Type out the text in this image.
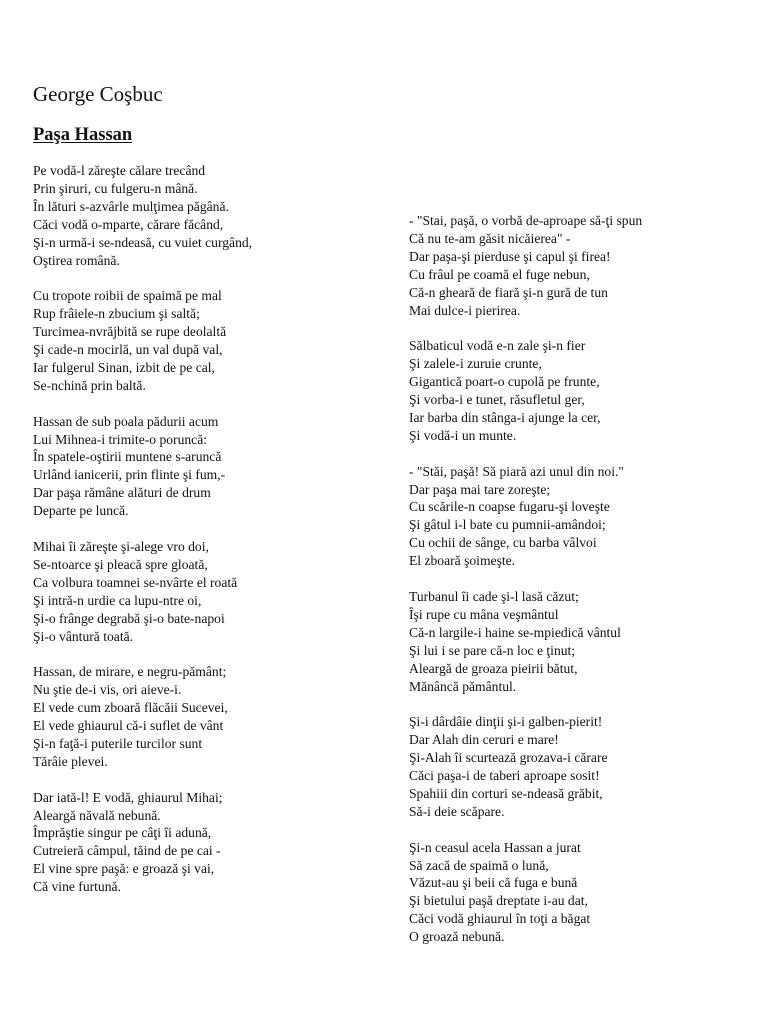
George Coşbuc
Paşa Hassan
Pe vodă-l zăreşte călare trecând
Prin şiruri, cu fulgeru-n mână.
În lături s-azvârle mulţimea păgână.
Căci vodă o-mparte, cărare făcând,
Şi-n urmă-i se-ndeasă, cu vuiet curgând,
Oştirea română.
Cu tropote roibii de spaimă pe mal
Rup frâiele-n zbucium şi saltă;
Turcimea-nvrăjbită se rupe deolaltă
Şi cade-n mocirlă, un val după val,
Iar fulgerul Sinan, izbit de pe cal,
Se-nchină prin baltă.
Hassan de sub poala pădurii acum
Lui Mihnea-i trimite-o poruncă:
În spatele-oştirii muntene s-aruncă
Urlând ianicerii, prin flinte şi fum,-
Dar paşa rămâne alături de drum
Departe pe luncă.
Mihai îi zăreşte şi-alege vro doi,
Se-ntoarce şi pleacă spre gloată,
Ca volbura toamnei se-nvârte el roată
Şi intră-n urdie ca lupu-ntre oi,
Şi-o frânge degrabă şi-o bate-napoi
Şi-o vântură toată.
Hassan, de mirare, e negru-pământ;
Nu ştie de-i vis, ori aieve-i.
El vede cum zboară flăcăii Sucevei,
El vede ghiaurul că-i suflet de vânt
Şi-n faţă-i puterile turcilor sunt
Tărâie plevei.
Dar iată-l! E vodă, ghiaurul Mihai;
Aleargă năvală nebună.
Împrăştie singur pe câţi îi adună,
Cutreieră câmpul, tăind de pe cai -
El vine spre paşă: e groază şi vai,
Că vine furtună.
- "Stai, paşă, o vorbă de-aproape să-ţi spun
Că nu te-am găsit nicăierea" -
Dar paşa-şi pierduse şi capul şi firea!
Cu frâul pe coamă el fuge nebun,
Că-n gheară de fiară şi-n gură de tun
Mai dulce-i pierirea.
Sălbaticul vodă e-n zale şi-n fier
Şi zalele-i zuruie crunte,
Gigantică poart-o cupolă pe frunte,
Şi vorba-i e tunet, răsufletul ger,
Iar barba din stânga-i ajunge la cer,
Şi vodă-i un munte.
- "Stăi, paşă! Să piară azi unul din noi."
Dar paşa mai tare zoreşte;
Cu scările-n coapse fugaru-şi loveşte
Şi gâtul i-l bate cu pumnii-amândoi;
Cu ochii de sânge, cu barba vâlvoi
El zboară şoimeşte.
Turbanul îi cade şi-l lasă căzut;
Îşi rupe cu mâna veşmântul
Că-n largile-i haine se-mpiedică vântul
Şi lui i se pare că-n loc e ţinut;
Aleargă de groaza pieirii bătut,
Mănâncă pământul.
Şi-i dârdâie dinţii şi-i galben-pierit!
Dar Alah din ceruri e mare!
Şi-Alah îi scurtează grozava-i cărare
Căci paşa-i de taberi aproape sosit!
Spahiii din corturi se-ndeasă grăbit,
Să-i deie scăpare.
Şi-n ceasul acela Hassan a jurat
Să zacă de spaimă o lună,
Văzut-au şi beii că fuga e bună
Şi bietului paşă dreptate i-au dat,
Căci vodă ghiaurul în toţi a băgat
O groază nebună.
